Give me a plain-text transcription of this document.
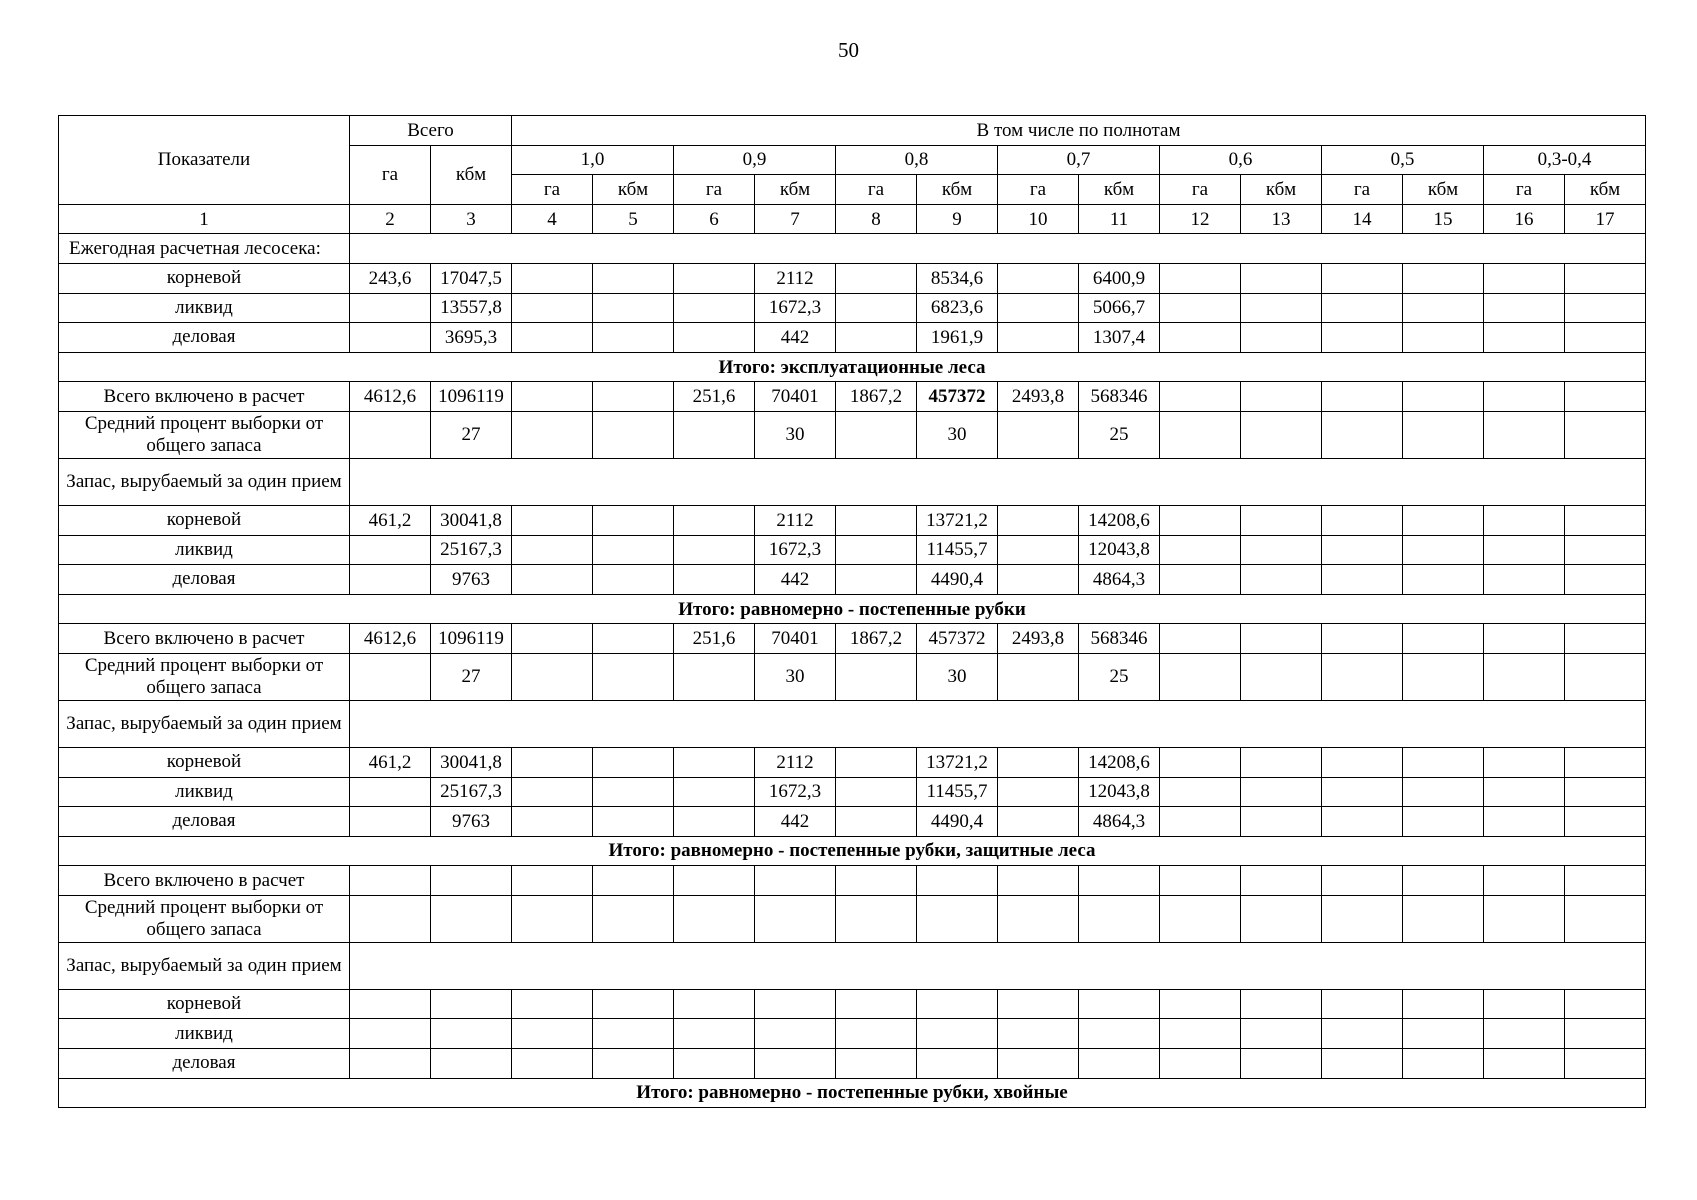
50
Показатели	Всего		В том числе по полнотам													
	га	кбм	1,0		0,9		0,8		0,7		0,6		0,5		0,3-0,4	
			га	кбм	га	кбм	га	кбм	га	кбм	га	кбм	га	кбм	га	кбм
1	2	3	4	5	6	7	8	9	10	11	12	13	14	15	16	17
Ежегодная расчетная лесосека:																
корневой	243,6	17047,5				2112		8534,6		6400,9						
ликвид		13557,8				1672,3		6823,6		5066,7						
деловая		3695,3				442		1961,9		1307,4						
Итого: эксплуатационные леса																
Всего включено в расчет	4612,6	1096119			251,6	70401	1867,2	457372	2493,8	568346						
Средний процент выборки от общего запаса		27				30		30		25						
Запас, вырубаемый за один прием																
корневой	461,2	30041,8				2112		13721,2		14208,6						
ликвид		25167,3				1672,3		11455,7		12043,8						
деловая		9763				442		4490,4		4864,3						
Итого: равномерно - постепенные рубки																
Всего включено в расчет	4612,6	1096119			251,6	70401	1867,2	457372	2493,8	568346						
Средний процент выборки от общего запаса		27				30		30		25						
Запас, вырубаемый за один прием																
корневой	461,2	30041,8				2112		13721,2		14208,6						
ликвид		25167,3				1672,3		11455,7		12043,8						
деловая		9763				442		4490,4		4864,3						
Итого: равномерно - постепенные рубки, защитные леса																
Всего включено в расчет																
Средний процент выборки от общего запаса																
Запас, вырубаемый за один прием																
корневой																
ликвид																
деловая																
Итого: равномерно - постепенные рубки, хвойные																
